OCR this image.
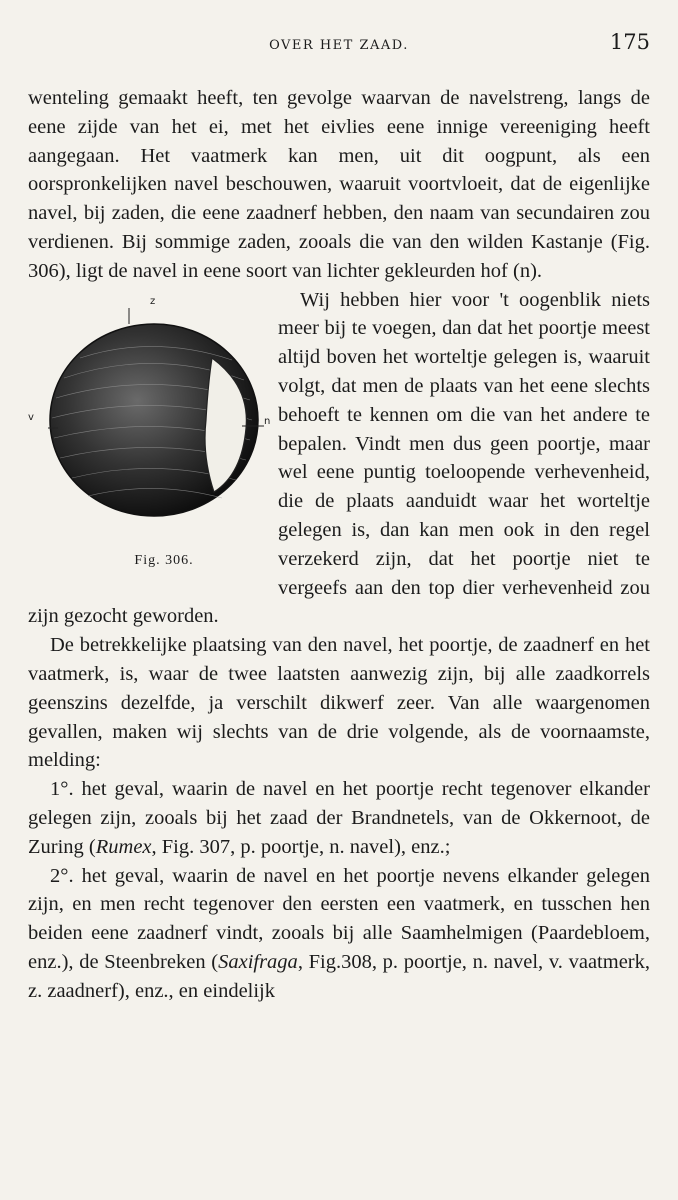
OVER HET ZAAD.	175

wenteling gemaakt heeft, ten gevolge waarvan de navelstreng, langs de eene zijde van het ei, met het eivlies eene innige vereeniging heeft aangegaan. Het vaatmerk kan men, uit dit oogpunt, als een oorspronkelijken navel beschouwen, waaruit voortvloeit, dat de eigenlijke navel, bij zaden, die eene zaadnerf hebben, den naam van secundairen zou verdienen. Bij sommige zaden, zooals die van den wilden Kastanje (Fig. 306), ligt de navel in eene soort van lichter gekleurden hof (n).

z
v	n
Fig. 306.

Wij hebben hier voor 't oogenblik niets meer bij te voegen, dan dat het poortje meest altijd boven het worteltje gelegen is, waaruit volgt, dat men de plaats van het eene slechts behoeft te kennen om die van het andere te bepalen. Vindt men dus geen poortje, maar wel eene puntig toeloopende verhevenheid, die de plaats aanduidt waar het worteltje gelegen is, dan kan men ook in den regel verzekerd zijn, dat het poortje niet te vergeefs aan den top dier verhevenheid zou zijn gezocht geworden.

De betrekkelijke plaatsing van den navel, het poortje, de zaadnerf en het vaatmerk, is, waar de twee laatsten aanwezig zijn, bij alle zaadkorrels geenszins dezelfde, ja verschilt dikwerf zeer. Van alle waargenomen gevallen, maken wij slechts van de drie volgende, als de voornaamste, melding:

1°. het geval, waarin de navel en het poortje recht tegenover elkander gelegen zijn, zooals bij het zaad der Brandnetels, van de Okkernoot, de Zuring (Rumex, Fig. 307, p. poortje, n. navel), enz.;

2°. het geval, waarin de navel en het poortje nevens elkander gelegen zijn, en men recht tegenover den eersten een vaatmerk, en tusschen hen beiden eene zaadnerf vindt, zooals bij alle Saamhelmigen (Paardebloem, enz.), de Steenbreken (Saxifraga, Fig.308, p. poortje, n. navel, v. vaatmerk, z. zaadnerf), enz., en eindelijk
